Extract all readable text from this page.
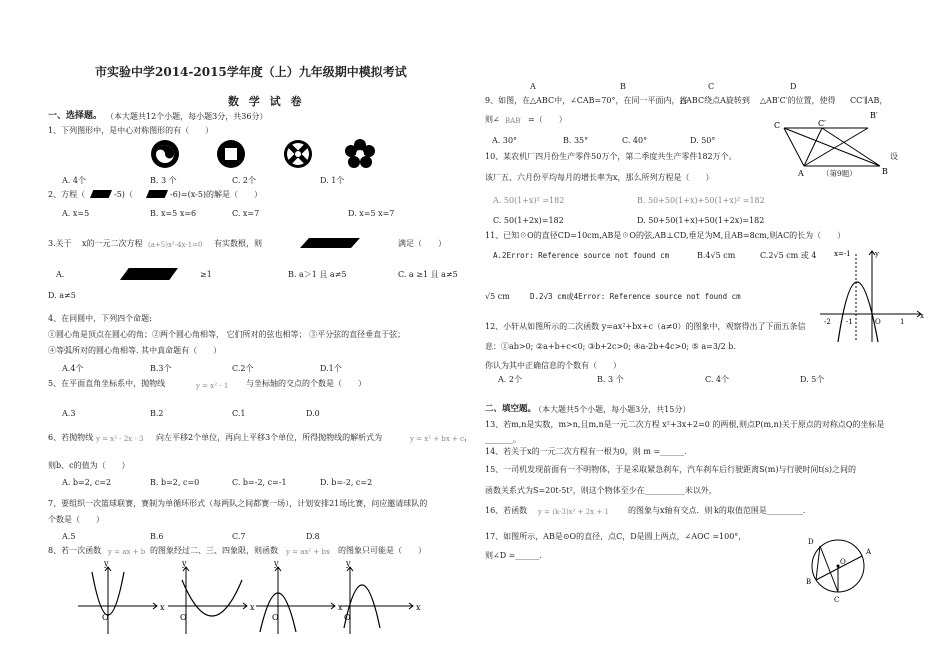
市实验中学2014-2015学年度（上）九年级期中模拟考试
数 学 试 卷
一、选择题。 （本大题共12个小题，每小题3分，共36分）
1、下列图形中，是中心对称图形的有（　　）
A. 4个	B. 3 个	C. 2个	D. 1个
2、方程（	-5)（	-6)=(x-5)的解是（　　）
A. x=5	B. x=5 x=6	C. x=7	D. x=5 x=7
3.关于 x的一元二次方程 (a+5)x²-4x-1=0 有实数根，则	满足（　　）
A.	≥1	B. a＞1 且 a≠5	C. a ≥1 且 a≠5
D. a≠5
4、在同圆中，下列四个命题:
①圆心角是顶点在圆心的角；②两个圆心角相等， 它们所对的弦也相等； ③平分弦的直径垂直于弦；
④等弧所对的圆心角相等. 其中真命题有（　　）
A.4个	B.3个	C.2个	D.1个
5、在平面直角坐标系中，抛物线	y = x² - 1 与坐标轴的交点的个数是（　　）
A.3	B.2	C.1	D.0
6、若抛物线 y = x² - 2x - 3 向左平移2个单位，再向上平移3个单位，所得抛物线的解析式为	y = x² + bx + c ，
则b、c的值为（　　）
A. b=2, c=2	B. b=2, c=0	C. b=-2, c=-1	D. b=-2, c=2
7、要组织一次篮球联赛，赛制为单循环形式（每两队之间都赛一场），计划安排21场比赛，问应邀请球队的
个数是（　　）
A.5	B.6	C.7	D.8
8、若一次函数 y = ax + b 的图象经过二、三、四象限，则函数 y = ax² + bx 的图象只可能是（　　）
x
y
O
x
y
O
x
y
O
x
y
O
A	B	C	D
9、如图，在 △ABC中，∠CAB=70°，在同一平面内，将
△ABC绕点A旋转到 △AB′C′的位置，使得 CC′∥AB，
则∠ BAB′ =（　　）
A. 30°	B. 35°	C. 40°	D. 50°
C	C′
B′
A	B
（第9题）
10、某农机厂四月份生产零件50万个，第二季度共生产零件182万个。	设
该厂五、六月份平均每月的增长率为x，那么所列方程是（　　）
A. 50(1+x)² =182	B. 50+50(1+x)+50(1+x)² =182
C. 50(1+2x)=182	D. 50+50(1+x)+50(1+2x)=182
11、已知☉O的直径CD=10cm,AB是☉O的弦,AB⊥CD,垂足为M,且AB=8cm,则AC的长为（　　）
A.2Error: Reference source not found cm	B.4√5 cm	C.2√5 cm 或 4
√5 cm	D.2√3 cm或4Error: Reference source not found cm
-2 -1	O	1
x
y
x=-1
12、小轩从如图所示的二次函数 y=ax²+bx+c（a≠0）的图象中，观察得出了下面五条信
息：①ab>0; ②a+b+c<0; ③b+2c>0; ④a-2b+4c>0; ⑤ a=3/2 b.
你认为其中正确信息的个数有（　　）
A. 2个	B. 3 个	C. 4个	D. 5个
二、填空题。
（本大题共5个小题，每小题3分，共15分）
13、若m,n是实数，m>n,且m,n是一元二次方程 x²+3x+2=0 的两根,则点P(m,n)关于原点的对称点Q的坐标是
_______。
14、若关于x的一元二次方程有一根为0，则 m =______.
15、一司机发现前面有一不明物体，于是采取紧急刹车，汽车刹车后行驶距离S(m)与行驶时间t(s)之间的
函数关系式为S=20t-5t²，则这个物体至少在__________米以外，
16、若函数 y = (k-3)x² + 2x + 1 的图象与x轴有交点．则 k的取值范围是_________.
17、如图所示，AB是⊙O的直径，点C，D是圆上两点，∠AOC =100°，
则∠D =______.
D
A
O
B
C
